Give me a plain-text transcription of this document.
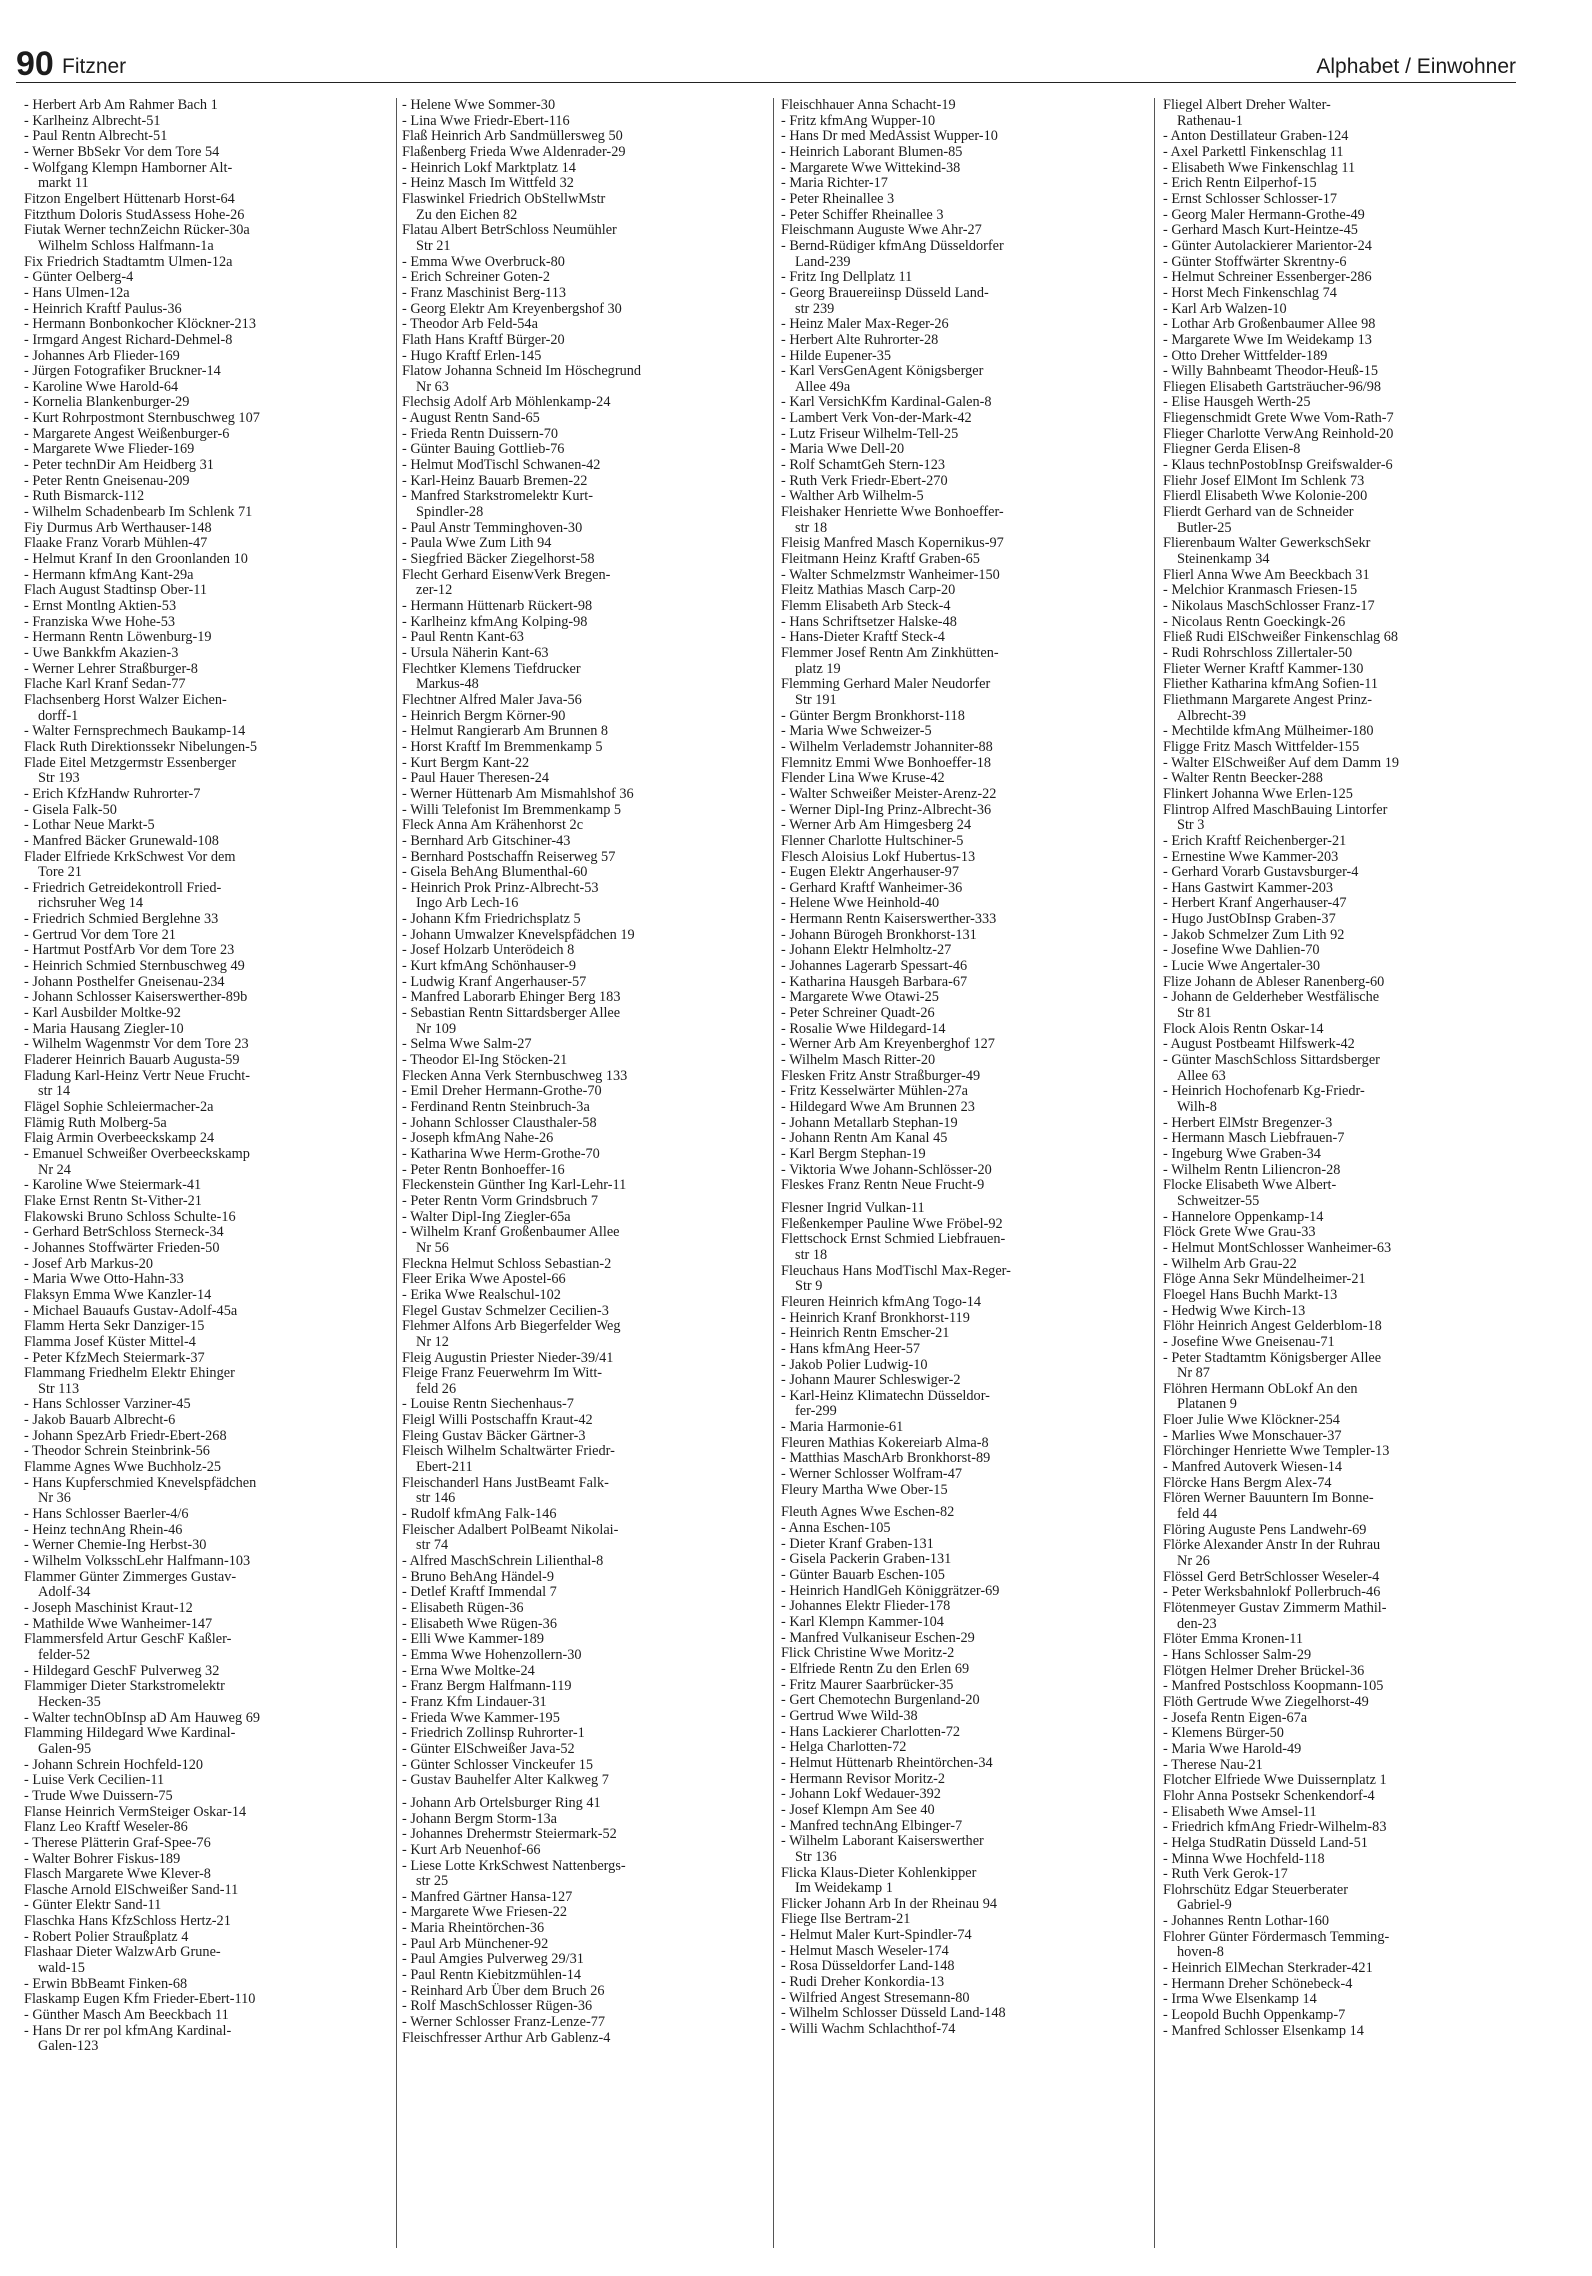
90 Fitzner	Alphabet / Einwohner
- Herbert Arb Am Rahmer Bach 1
- Karlheinz Albrecht-51
- Paul Rentn Albrecht-51
- Werner BbSekr Vor dem Tore 54
- Wolfgang Klempn Hamborner Alt-
markt 11
Fitzon Engelbert Hüttenarb Horst-64
Fitzthum Doloris StudAssess Hohe-26
Fiutak Werner technZeichn Rücker-30a
Wilhelm Schloss Halfmann-1a
Fix Friedrich Stadtamtm Ulmen-12a
- Günter Oelberg-4
- Hans Ulmen-12a
- Heinrich Kraftf Paulus-36
- Hermann Bonbonkocher Klöckner-213
- Irmgard Angest Richard-Dehmel-8
- Johannes Arb Flieder-169
- Jürgen Fotografiker Bruckner-14
- Karoline Wwe Harold-64
- Kornelia Blankenburger-29
- Kurt Rohrpostmont Sternbuschweg 107
- Margarete Angest Weißenburger-6
- Margarete Wwe Flieder-169
- Peter technDir Am Heidberg 31
- Peter Rentn Gneisenau-209
- Ruth Bismarck-112
- Wilhelm Schadenbearb Im Schlenk 71
Fiy Durmus Arb Werthauser-148
Flaake Franz Vorarb Mühlen-47
- Helmut Kranf In den Groonlanden 10
- Hermann kfmAng Kant-29a
Flach August Stadtinsp Ober-11
- Ernst Montlng Aktien-53
- Franziska Wwe Hohe-53
- Hermann Rentn Löwenburg-19
- Uwe Bankkfm Akazien-3
- Werner Lehrer Straßburger-8
Flache Karl Kranf Sedan-77
Flachsenberg Horst Walzer Eichen-
dorff-1
- Walter Fernsprechmech Baukamp-14
Flack Ruth Direktionssekr Nibelungen-5
Flade Eitel Metzgermstr Essenberger
Str 193
- Erich KfzHandw Ruhrorter-7
- Gisela Falk-50
- Lothar Neue Markt-5
- Manfred Bäcker Grunewald-108
Flader Elfriede KrkSchwest Vor dem
Tore 21
- Friedrich Getreidekontroll Fried-
richsruher Weg 14
- Friedrich Schmied Berglehne 33
- Gertrud Vor dem Tore 21
- Hartmut PostfArb Vor dem Tore 23
- Heinrich Schmied Sternbuschweg 49
- Johann Posthelfer Gneisenau-234
- Johann Schlosser Kaiserswerther-89b
- Karl Ausbilder Moltke-92
- Maria Hausang Ziegler-10
- Wilhelm Wagenmstr Vor dem Tore 23
Fladerer Heinrich Bauarb Augusta-59
Fladung Karl-Heinz Vertr Neue Frucht-
str 14
Flägel Sophie Schleiermacher-2a
Flämig Ruth Molberg-5a
Flaig Armin Overbeeckskamp 24
- Emanuel Schweißer Overbeeckskamp
Nr 24
- Karoline Wwe Steiermark-41
Flake Ernst Rentn St-Vither-21
Flakowski Bruno Schloss Schulte-16
- Gerhard BetrSchloss Sterneck-34
- Johannes Stoffwärter Frieden-50
- Josef Arb Markus-20
- Maria Wwe Otto-Hahn-33
Flaksyn Emma Wwe Kanzler-14
- Michael Bauaufs Gustav-Adolf-45a
Flamm Herta Sekr Danziger-15
Flamma Josef Küster Mittel-4
- Peter KfzMech Steiermark-37
Flammang Friedhelm Elektr Ehinger
Str 113
- Hans Schlosser Varziner-45
- Jakob Bauarb Albrecht-6
- Johann SpezArb Friedr-Ebert-268
- Theodor Schrein Steinbrink-56
Flamme Agnes Wwe Buchholz-25
- Hans Kupferschmied Knevelspfädchen
Nr 36
- Hans Schlosser Baerler-4/6
- Heinz technAng Rhein-46
- Werner Chemie-Ing Herbst-30
- Wilhelm VolksschLehr Halfmann-103
Flammer Günter Zimmerges Gustav-
Adolf-34
- Joseph Maschinist Kraut-12
- Mathilde Wwe Wanheimer-147
Flammersfeld Artur GeschF Kaßler-
felder-52
- Hildegard GeschF Pulverweg 32
Flammiger Dieter Starkstromelektr
Hecken-35
- Walter technObInsp aD Am Hauweg 69
Flamming Hildegard Wwe Kardinal-
Galen-95
- Johann Schrein Hochfeld-120
- Luise Verk Cecilien-11
- Trude Wwe Duissern-75
Flanse Heinrich VermSteiger Oskar-14
Flanz Leo Kraftf Weseler-86
- Therese Plätterin Graf-Spee-76
- Walter Bohrer Fiskus-189
Flasch Margarete Wwe Klever-8
Flasche Arnold ElSchweißer Sand-11
- Günter Elektr Sand-11
Flaschka Hans KfzSchloss Hertz-21
- Robert Polier Straußplatz 4
Flashaar Dieter WalzwArb Grune-
wald-15
- Erwin BbBeamt Finken-68
Flaskamp Eugen Kfm Frieder-Ebert-110
- Günther Masch Am Beeckbach 11
- Hans Dr rer pol kfmAng Kardinal-
Galen-123
- Helene Wwe Sommer-30
- Lina Wwe Friedr-Ebert-116
Flaß Heinrich Arb Sandmüllersweg 50
Flaßenberg Frieda Wwe Aldenrader-29
- Heinrich Lokf Marktplatz 14
- Heinz Masch Im Wittfeld 32
Flaswinkel Friedrich ObStellwMstr
Zu den Eichen 82
Flatau Albert BetrSchloss Neumühler
Str 21
- Emma Wwe Overbruck-80
- Erich Schreiner Goten-2
- Franz Maschinist Berg-113
- Georg Elektr Am Kreyenbergshof 30
- Theodor Arb Feld-54a
Flath Hans Kraftf Bürger-20
- Hugo Kraftf Erlen-145
Flatow Johanna Schneid Im Höschegrund
Nr 63
Flechsig Adolf Arb Möhlenkamp-24
- August Rentn Sand-65
- Frieda Rentn Duissern-70
- Günter Bauing Gottlieb-76
- Helmut ModTischl Schwanen-42
- Karl-Heinz Bauarb Bremen-22
- Manfred Starkstromelektr Kurt-
Spindler-28
- Paul Anstr Temminghoven-30
- Paula Wwe Zum Lith 94
- Siegfried Bäcker Ziegelhorst-58
Flecht Gerhard EisenwVerk Bregen-
zer-12
- Hermann Hüttenarb Rückert-98
- Karlheinz kfmAng Kolping-98
- Paul Rentn Kant-63
- Ursula Näherin Kant-63
Flechtker Klemens Tiefdrucker
Markus-48
Flechtner Alfred Maler Java-56
- Heinrich Bergm Körner-90
- Helmut Rangierarb Am Brunnen 8
- Horst Kraftf Im Bremmenkamp 5
- Kurt Bergm Kant-22
- Paul Hauer Theresen-24
- Werner Hüttenarb Am Mismahlshof 36
- Willi Telefonist Im Bremmenkamp 5
Fleck Anna Am Krähenhorst 2c
- Bernhard Arb Gitschiner-43
- Bernhard Postschaffn Reiserweg 57
- Gisela BehAng Blumenthal-60
- Heinrich Prok Prinz-Albrecht-53
Ingo Arb Lech-16
- Johann Kfm Friedrichsplatz 5
- Johann Umwalzer Knevelspfädchen 19
- Josef Holzarb Unterödeich 8
- Kurt kfmAng Schönhauser-9
- Ludwig Kranf Angerhauser-57
- Manfred Laborarb Ehinger Berg 183
- Sebastian Rentn Sittardsberger Allee
Nr 109
- Selma Wwe Salm-27
- Theodor El-Ing Stöcken-21
Flecken Anna Verk Sternbuschweg 133
- Emil Dreher Hermann-Grothe-70
- Ferdinand Rentn Steinbruch-3a
- Johann Schlosser Clausthaler-58
- Joseph kfmAng Nahe-26
- Katharina Wwe Herm-Grothe-70
- Peter Rentn Bonhoeffer-16
Fleckenstein Günther Ing Karl-Lehr-11
- Peter Rentn Vorm Grindsbruch 7
- Walter Dipl-Ing Ziegler-65a
- Wilhelm Kranf Großenbaumer Allee
Nr 56
Fleckna Helmut Schloss Sebastian-2
Fleer Erika Wwe Apostel-66
- Erika Wwe Realschul-102
Flegel Gustav Schmelzer Cecilien-3
Flehmer Alfons Arb Biegerfelder Weg
Nr 12
Fleig Augustin Priester Nieder-39/41
Fleige Franz Feuerwehrm Im Witt-
feld 26
- Louise Rentn Siechenhaus-7
Fleigl Willi Postschaffn Kraut-42
Fleing Gustav Bäcker Gärtner-3
Fleisch Wilhelm Schaltwärter Friedr-
Ebert-211
Fleischanderl Hans JustBeamt Falk-
str 146
- Rudolf kfmAng Falk-146
Fleischer Adalbert PolBeamt Nikolai-
str 74
- Alfred MaschSchrein Lilienthal-8
- Bruno BehAng Händel-9
- Detlef Kraftf Immendal 7
- Elisabeth Rügen-36
- Elisabeth Wwe Rügen-36
- Elli Wwe Kammer-189
- Emma Wwe Hohenzollern-30
- Erna Wwe Moltke-24
- Franz Bergm Halfmann-119
- Franz Kfm Lindauer-31
- Frieda Wwe Kammer-195
- Friedrich Zollinsp Ruhrorter-1
- Günter ElSchweißer Java-52
- Günter Schlosser Vinckeufer 15
- Gustav Bauhelfer Alter Kalkweg 7
- Johann Arb Ortelsburger Ring 41
- Johann Bergm Storm-13a
- Johannes Drehermstr Steiermark-52
- Kurt Arb Neuenhof-66
- Liese Lotte KrkSchwest Nattenbergs-
str 25
- Manfred Gärtner Hansa-127
- Margarete Wwe Friesen-22
- Maria Rheintörchen-36
- Paul Arb Münchener-92
- Paul Amgies Pulverweg 29/31
- Paul Rentn Kiebitzmühlen-14
- Reinhard Arb Über dem Bruch 26
- Rolf MaschSchlosser Rügen-36
- Werner Schlosser Franz-Lenze-77
Fleischfresser Arthur Arb Gablenz-4
Fleischhauer Anna Schacht-19
- Fritz kfmAng Wupper-10
- Hans Dr med MedAssist Wupper-10
- Heinrich Laborant Blumen-85
- Margarete Wwe Wittekind-38
- Maria Richter-17
- Peter Rheinallee 3
- Peter Schiffer Rheinallee 3
Fleischmann Auguste Wwe Ahr-27
- Bernd-Rüdiger kfmAng Düsseldorfer
Land-239
- Fritz Ing Dellplatz 11
- Georg Brauereiinsp Düsseld Land-
str 239
- Heinz Maler Max-Reger-26
- Herbert Alte Ruhrorter-28
- Hilde Eupener-35
- Karl VersGenAgent Königsberger
Allee 49a
- Karl VersichKfm Kardinal-Galen-8
- Lambert Verk Von-der-Mark-42
- Lutz Friseur Wilhelm-Tell-25
- Maria Wwe Dell-20
- Rolf SchamtGeh Stern-123
- Ruth Verk Friedr-Ebert-270
- Walther Arb Wilhelm-5
Fleishaker Henriette Wwe Bonhoeffer-
str 18
Fleisig Manfred Masch Kopernikus-97
Fleitmann Heinz Kraftf Graben-65
- Walter Schmelzmstr Wanheimer-150
Fleitz Mathias Masch Carp-20
Flemm Elisabeth Arb Steck-4
- Hans Schriftsetzer Halske-48
- Hans-Dieter Kraftf Steck-4
Flemmer Josef Rentn Am Zinkhütten-
platz 19
Flemming Gerhard Maler Neudorfer
Str 191
- Günter Bergm Bronkhorst-118
- Maria Wwe Schweizer-5
- Wilhelm Verlademstr Johanniter-88
Flemnitz Emmi Wwe Bonhoeffer-18
Flender Lina Wwe Kruse-42
- Walter Schweißer Meister-Arenz-22
- Werner Dipl-Ing Prinz-Albrecht-36
- Werner Arb Am Himgesberg 24
Flenner Charlotte Hultschiner-5
Flesch Aloisius Lokf Hubertus-13
- Eugen Elektr Angerhauser-97
- Gerhard Kraftf Wanheimer-36
- Helene Wwe Heinhold-40
- Hermann Rentn Kaiserswerther-333
- Johann Bürogeh Bronkhorst-131
- Johann Elektr Helmholtz-27
- Johannes Lagerarb Spessart-46
- Katharina Hausgeh Barbara-67
- Margarete Wwe Otawi-25
- Peter Schreiner Quadt-26
- Rosalie Wwe Hildegard-14
- Werner Arb Am Kreyenberghof 127
- Wilhelm Masch Ritter-20
Flesken Fritz Anstr Straßburger-49
- Fritz Kesselwärter Mühlen-27a
- Hildegard Wwe Am Brunnen 23
- Johann Metallarb Stephan-19
- Johann Rentn Am Kanal 45
- Karl Bergm Stephan-19
- Viktoria Wwe Johann-Schlösser-20
Fleskes Franz Rentn Neue Frucht-9
Flesner Ingrid Vulkan-11
Fleßenkemper Pauline Wwe Fröbel-92
Flettschock Ernst Schmied Liebfrauen-
str 18
Fleuchaus Hans ModTischl Max-Reger-
Str 9
Fleuren Heinrich kfmAng Togo-14
- Heinrich Kranf Bronkhorst-119
- Heinrich Rentn Emscher-21
- Hans kfmAng Heer-57
- Jakob Polier Ludwig-10
- Johann Maurer Schleswiger-2
- Karl-Heinz Klimatechn Düsseldor-
fer-299
- Maria Harmonie-61
Fleuren Mathias Kokereiarb Alma-8
- Matthias MaschArb Bronkhorst-89
- Werner Schlosser Wolfram-47
Fleury Martha Wwe Ober-15
Fleuth Agnes Wwe Eschen-82
- Anna Eschen-105
- Dieter Kranf Graben-131
- Gisela Packerin Graben-131
- Günter Bauarb Eschen-105
- Heinrich HandlGeh Königgrätzer-69
- Johannes Elektr Flieder-178
- Karl Klempn Kammer-104
- Manfred Vulkaniseur Eschen-29
Flick Christine Wwe Moritz-2
- Elfriede Rentn Zu den Erlen 69
- Fritz Maurer Saarbrücker-35
- Gert Chemotechn Burgenland-20
- Gertrud Wwe Wild-38
- Hans Lackierer Charlotten-72
- Helga Charlotten-72
- Helmut Hüttenarb Rheintörchen-34
- Hermann Revisor Moritz-2
- Johann Lokf Wedauer-392
- Josef Klempn Am See 40
- Manfred technAng Elbinger-7
- Wilhelm Laborant Kaiserswerther
Str 136
Flicka Klaus-Dieter Kohlenkipper
Im Weidekamp 1
Flicker Johann Arb In der Rheinau 94
Fliege Ilse Bertram-21
- Helmut Maler Kurt-Spindler-74
- Helmut Masch Weseler-174
- Rosa Düsseldorfer Land-148
- Rudi Dreher Konkordia-13
- Wilfried Angest Stresemann-80
- Wilhelm Schlosser Düsseld Land-148
- Willi Wachm Schlachthof-74
Fliegel Albert Dreher Walter-
Rathenau-1
- Anton Destillateur Graben-124
- Axel Parkettl Finkenschlag 11
- Elisabeth Wwe Finkenschlag 11
- Erich Rentn Eilperhof-15
- Ernst Schlosser Schlosser-17
- Georg Maler Hermann-Grothe-49
- Gerhard Masch Kurt-Heintze-45
- Günter Autolackierer Marientor-24
- Günter Stoffwärter Skrentny-6
- Helmut Schreiner Essenberger-286
- Horst Mech Finkenschlag 74
- Karl Arb Walzen-10
- Lothar Arb Großenbaumer Allee 98
- Margarete Wwe Im Weidekamp 13
- Otto Dreher Wittfelder-189
- Willy Bahnbeamt Theodor-Heuß-15
Fliegen Elisabeth Gartsträucher-96/98
- Elise Hausgeh Werth-25
Fliegenschmidt Grete Wwe Vom-Rath-7
Flieger Charlotte VerwAng Reinhold-20
Fliegner Gerda Elisen-8
- Klaus technPostobInsp Greifswalder-6
Fliehr Josef ElMont Im Schlenk 73
Flierdl Elisabeth Wwe Kolonie-200
Flierdt Gerhard van de Schneider
Butler-25
Flierenbaum Walter GewerkschSekr
Steinenkamp 34
Flierl Anna Wwe Am Beeckbach 31
- Melchior Kranmasch Friesen-15
- Nikolaus MaschSchlosser Franz-17
- Nicolaus Rentn Goeckingk-26
Fließ Rudi ElSchweißer Finkenschlag 68
- Rudi Rohrschloss Zillertaler-50
Flieter Werner Kraftf Kammer-130
Fliether Katharina kfmAng Sofien-11
Fliethmann Margarete Angest Prinz-
Albrecht-39
- Mechtilde kfmAng Mülheimer-180
Fligge Fritz Masch Wittfelder-155
- Walter ElSchweißer Auf dem Damm 19
- Walter Rentn Beecker-288
Flinkert Johanna Wwe Erlen-125
Flintrop Alfred MaschBauing Lintorfer
Str 3
- Erich Kraftf Reichenberger-21
- Ernestine Wwe Kammer-203
- Gerhard Vorarb Gustavsburger-4
- Hans Gastwirt Kammer-203
- Herbert Kranf Angerhauser-47
- Hugo JustObInsp Graben-37
- Jakob Schmelzer Zum Lith 92
- Josefine Wwe Dahlien-70
- Lucie Wwe Angertaler-30
Flize Johann de Ableser Ranenberg-60
- Johann de Gelderheber Westfälische
Str 81
Flock Alois Rentn Oskar-14
- August Postbeamt Hilfswerk-42
- Günter MaschSchloss Sittardsberger
Allee 63
- Heinrich Hochofenarb Kg-Friedr-
Wilh-8
- Herbert ElMstr Bregenzer-3
- Hermann Masch Liebfrauen-7
- Ingeburg Wwe Graben-34
- Wilhelm Rentn Liliencron-28
Flocke Elisabeth Wwe Albert-
Schweitzer-55
- Hannelore Oppenkamp-14
Flöck Grete Wwe Grau-33
- Helmut MontSchlosser Wanheimer-63
- Wilhelm Arb Grau-22
Flöge Anna Sekr Mündelheimer-21
Floegel Hans Buchh Markt-13
- Hedwig Wwe Kirch-13
Flöhr Heinrich Angest Gelderblom-18
- Josefine Wwe Gneisenau-71
- Peter Stadtamtm Königsberger Allee
Nr 87
Flöhren Hermann ObLokf An den
Platanen 9
Floer Julie Wwe Klöckner-254
- Marlies Wwe Monschauer-37
Flörchinger Henriette Wwe Templer-13
- Manfred Autoverk Wiesen-14
Flörcke Hans Bergm Alex-74
Flören Werner Bauuntern Im Bonne-
feld 44
Flöring Auguste Pens Landwehr-69
Flörke Alexander Anstr In der Ruhrau
Nr 26
Flössel Gerd BetrSchlosser Weseler-4
- Peter Werksbahnlokf Pollerbruch-46
Flötenmeyer Gustav Zimmerm Mathil-
den-23
Flöter Emma Kronen-11
- Hans Schlosser Salm-29
Flötgen Helmer Dreher Brückel-36
- Manfred Postschloss Koopmann-105
Flöth Gertrude Wwe Ziegelhorst-49
- Josefa Rentn Eigen-67a
- Klemens Bürger-50
- Maria Wwe Harold-49
- Therese Nau-21
Flotcher Elfriede Wwe Duissernplatz 1
Flohr Anna Postsekr Schenkendorf-4
- Elisabeth Wwe Amsel-11
- Friedrich kfmAng Friedr-Wilhelm-83
- Helga StudRatin Düsseld Land-51
- Minna Wwe Hochfeld-118
- Ruth Verk Gerok-17
Flohrschütz Edgar Steuerberater
Gabriel-9
- Johannes Rentn Lothar-160
Flohrer Günter Fördermasch Temming-
hoven-8
- Heinrich ElMechan Sterkrader-421
- Hermann Dreher Schönebeck-4
- Irma Wwe Elsenkamp 14
- Leopold Buchh Oppenkamp-7
- Manfred Schlosser Elsenkamp 14
